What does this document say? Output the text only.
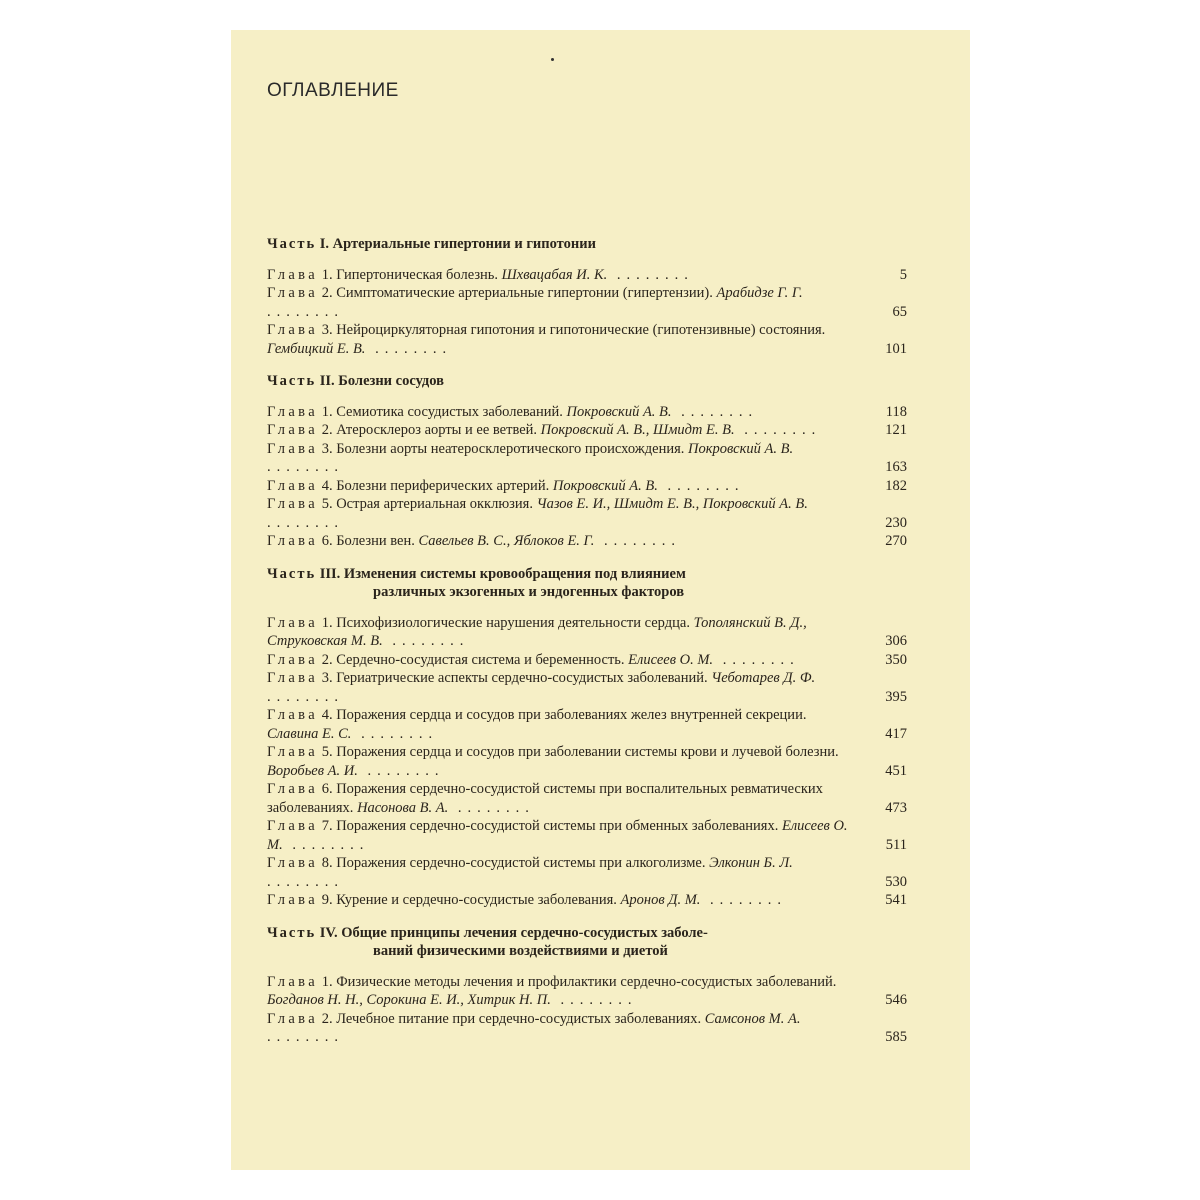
ОГЛАВЛЕНИЕ
Часть I. Артериальные гипертонии и гипотонии
Глава 1. Гипертоническая болезнь. Шхвацабая И. К. ........	5
Глава 2. Симптоматические артериальные гипертонии (гипертензии). Арабидзе Г. Г. ........	65
Глава 3. Нейроциркуляторная гипотония и гипотонические (гипотензивные) состояния. Гембицкий Е. В. ........	101
Часть II. Болезни сосудов
Глава 1. Семиотика сосудистых заболеваний. Покровский А. В. ........	118
Глава 2. Атеросклероз аорты и ее ветвей. Покровский А. В., Шмидт Е. В. ........	121
Глава 3. Болезни аорты неатеросклеротического происхождения. Покровский А. В. ........	163
Глава 4. Болезни периферических артерий. Покровский А. В. ........	182
Глава 5. Острая артериальная окклюзия. Чазов Е. И., Шмидт Е. В., Покровский А. В. ........	230
Глава 6. Болезни вен. Савельев В. С., Яблоков Е. Г. ........	270
Часть III. Изменения системы кровообращения под влиянием
различных экзогенных и эндогенных факторов
Глава 1. Психофизиологические нарушения деятельности сердца. Тополянский В. Д., Струковская М. В. ........	306
Глава 2. Сердечно-сосудистая система и беременность. Елисеев О. М. ........	350
Глава 3. Гериатрические аспекты сердечно-сосудистых заболеваний. Чеботарев Д. Ф. ........	395
Глава 4. Поражения сердца и сосудов при заболеваниях желез внутренней секреции. Славина Е. С. ........	417
Глава 5. Поражения сердца и сосудов при заболевании системы крови и лучевой болезни. Воробьев А. И. ........	451
Глава 6. Поражения сердечно-сосудистой системы при воспалительных ревматических заболеваниях. Насонова В. А. ........	473
Глава 7. Поражения сердечно-сосудистой системы при обменных заболеваниях. Елисеев О. М. ........	511
Глава 8. Поражения сердечно-сосудистой системы при алкоголизме. Элконин Б. Л. ........	530
Глава 9. Курение и сердечно-сосудистые заболевания. Аронов Д. М. ........	541
Часть IV. Общие принципы лечения сердечно-сосудистых заболе-
ваний физическими воздействиями и диетой
Глава 1. Физические методы лечения и профилактики сердечно-сосудистых заболеваний. Богданов Н. Н., Сорокина Е. И., Хитрик Н. П. ........	546
Глава 2. Лечебное питание при сердечно-сосудистых заболеваниях. Самсонов М. А. ........	585
